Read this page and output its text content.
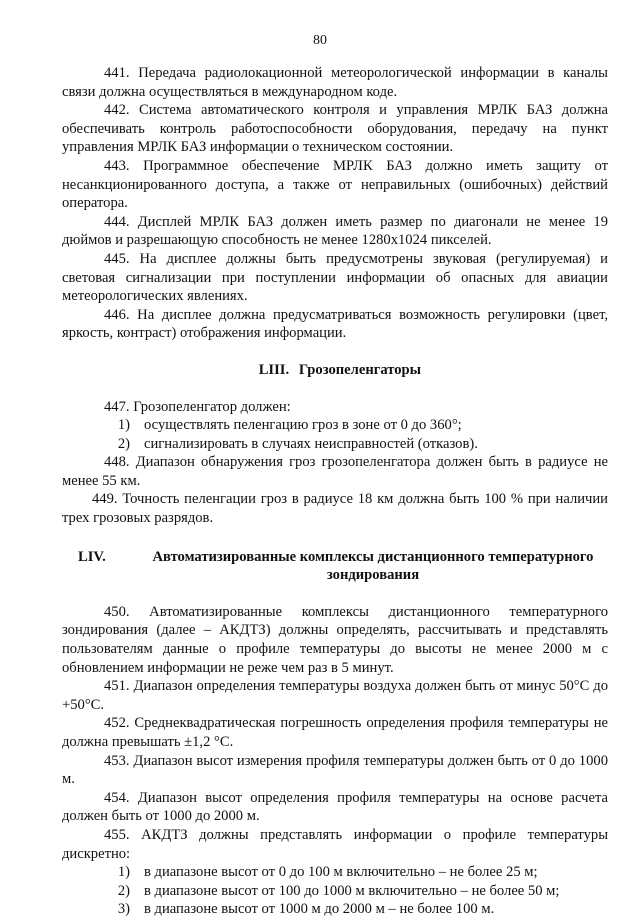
80

441. Передача радиолокационной метеорологической информации в каналы связи должна осуществляться в международном коде.

442. Система автоматического контроля и управления МРЛК БАЗ должна обеспечивать контроль работоспособности оборудования, передачу на пункт управления МРЛК БАЗ информации о техническом состоянии.

443. Программное обеспечение МРЛК БАЗ должно иметь защиту от несанкционированного доступа, а также от неправильных (ошибочных) действий оператора.

444. Дисплей МРЛК БАЗ должен иметь размер по диагонали не менее 19 дюймов и разрешающую способность не менее 1280x1024 пикселей.

445. На дисплее должны быть предусмотрены звуковая (регулируемая) и световая сигнализации при поступлении информации об опасных для авиации метеорологических явлениях.

446. На дисплее должна предусматриваться возможность регулировки (цвет, яркость, контраст) отображения информации.

LIII. Грозопеленгаторы

447. Грозопеленгатор должен:

1) осуществлять пеленгацию гроз в зоне от 0 до 360°;
2) сигнализировать в случаях неисправностей (отказов).

448. Диапазон обнаружения гроз грозопеленгатора должен быть в радиусе не менее 55 км.

449. Точность пеленгации гроз в радиусе 18 км должна быть 100 % при наличии трех грозовых разрядов.

LIV.	Автоматизированные комплексы дистанционного температурного зондирования

450. Автоматизированные комплексы дистанционного температурного зондирования (далее – АКДТЗ) должны определять, рассчитывать и представлять пользователям данные о профиле температуры до высоты не менее 2000 м с обновлением информации не реже чем раз в 5 минут.

451. Диапазон определения температуры воздуха должен быть от минус 50°С до +50°С.

452. Среднеквадратическая погрешность определения профиля температуры не должна превышать ±1,2 °С.

453. Диапазон высот измерения профиля температуры должен быть от 0 до 1000 м.

454. Диапазон высот определения профиля температуры на основе расчета должен быть от 1000 до 2000 м.

455. АКДТЗ должны представлять информации о профиле температуры дискретно:

1) в диапазоне высот от 0 до 100 м включительно – не более 25 м;
2) в диапазоне высот от 100 до 1000 м включительно – не более 50 м;
3) в диапазоне высот от 1000 м до 2000 м – не более 100 м.
